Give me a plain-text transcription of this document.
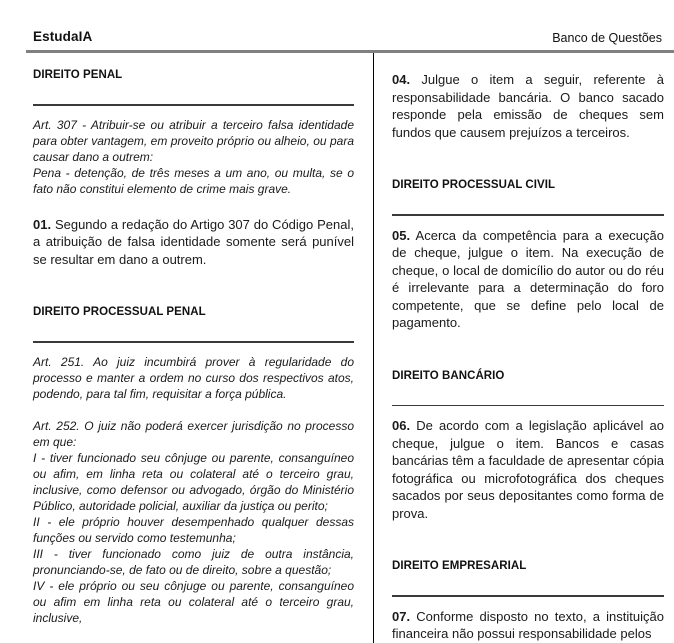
EstudaIA	Banco de Questões
DIREITO PENAL

Art. 307 - Atribuir-se ou atribuir a terceiro falsa identidade para obter vantagem, em proveito próprio ou alheio, ou para causar dano a outrem:
Pena - detenção, de três meses a um ano, ou multa, se o fato não constitui elemento de crime mais grave.

01. Segundo a redação do Artigo 307 do Código Penal, a atribuição de falsa identidade somente será punível se resultar em dano a outrem.

DIREITO PROCESSUAL PENAL

Art. 251. Ao juiz incumbirá prover à regularidade do processo e manter a ordem no curso dos respectivos atos, podendo, para tal fim, requisitar a força pública.

Art. 252. O juiz não poderá exercer jurisdição no processo em que:
I - tiver funcionado seu cônjuge ou parente, consanguíneo ou afim, em linha reta ou colateral até o terceiro grau, inclusive, como defensor ou advogado, órgão do Ministério Público, autoridade policial, auxiliar da justiça ou perito;
II - ele próprio houver desempenhado qualquer dessas funções ou servido como testemunha;
III - tiver funcionado como juiz de outra instância, pronunciando-se, de fato ou de direito, sobre a questão;
IV - ele próprio ou seu cônjuge ou parente, consanguíneo ou afim em linha reta ou colateral até o terceiro grau, inclusive,

04. Julgue o item a seguir, referente à responsabilidade bancária. O banco sacado responde pela emissão de cheques sem fundos que causem prejuízos a terceiros.

DIREITO PROCESSUAL CIVIL

05. Acerca da competência para a execução de cheque, julgue o item. Na execução de cheque, o local de domicílio do autor ou do réu é irrelevante para a determinação do foro competente, que se define pelo local de pagamento.

DIREITO BANCÁRIO

06. De acordo com a legislação aplicável ao cheque, julgue o item. Bancos e casas bancárias têm a faculdade de apresentar cópia fotográfica ou microfotográfica dos cheques sacados por seus depositantes como forma de prova.

DIREITO EMPRESARIAL

07. Conforme disposto no texto, a instituição financeira não possui responsabilidade pelos
